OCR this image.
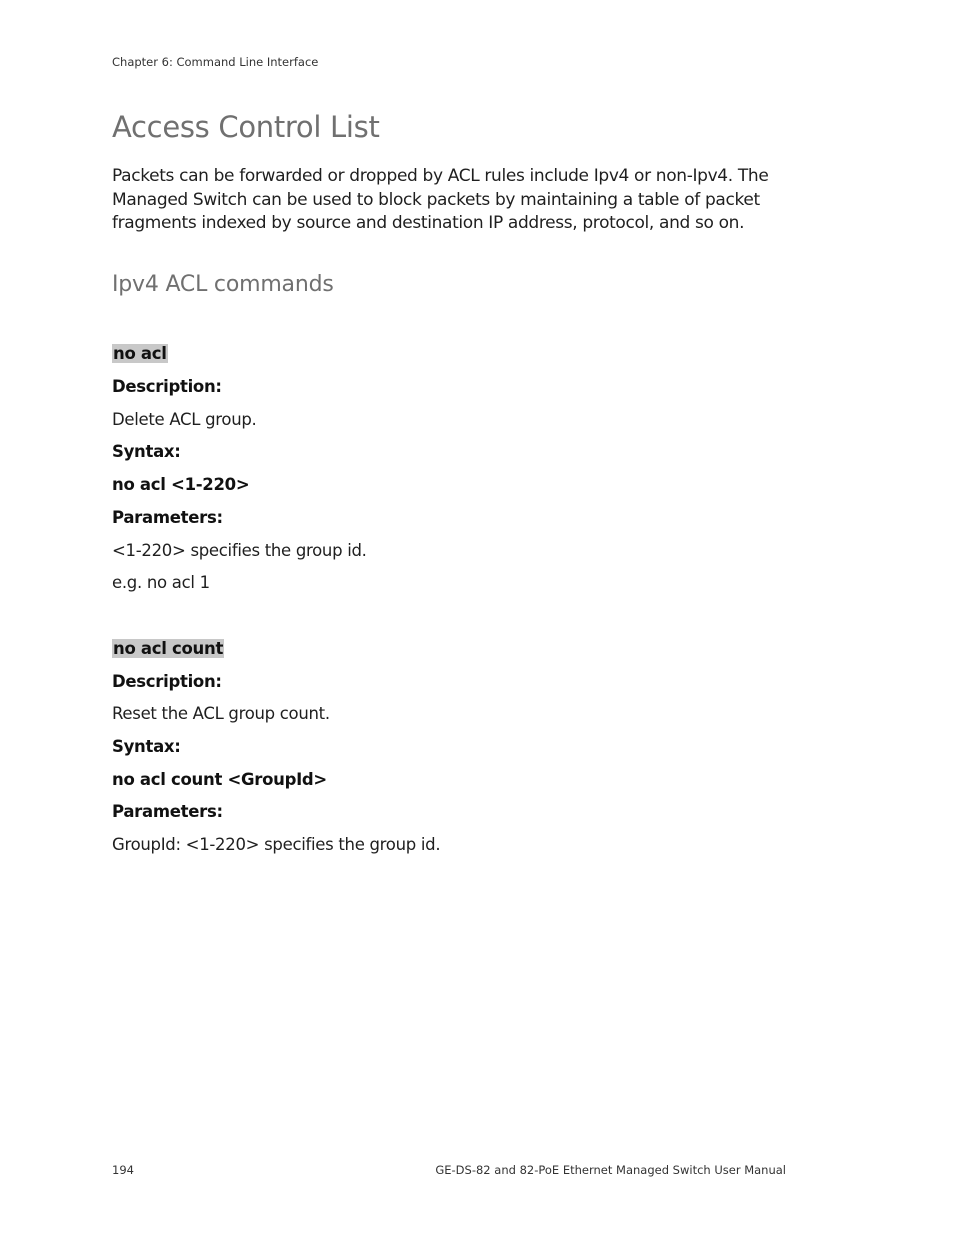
Chapter 6: Command Line Interface
Access Control List
Packets can be forwarded or dropped by ACL rules include Ipv4 or non-Ipv4. The Managed Switch can be used to block packets by maintaining a table of packet fragments indexed by source and destination IP address, protocol, and so on.
Ipv4 ACL commands
no acl
Description:
Delete ACL group.
Syntax:
no acl <1-220>
Parameters:
<1-220> specifies the group id.
e.g. no acl 1
no acl count
Description:
Reset the ACL group count.
Syntax:
no acl count <GroupId>
Parameters:
GroupId: <1-220> specifies the group id.
194	GE-DS-82 and 82-PoE Ethernet Managed Switch User Manual
